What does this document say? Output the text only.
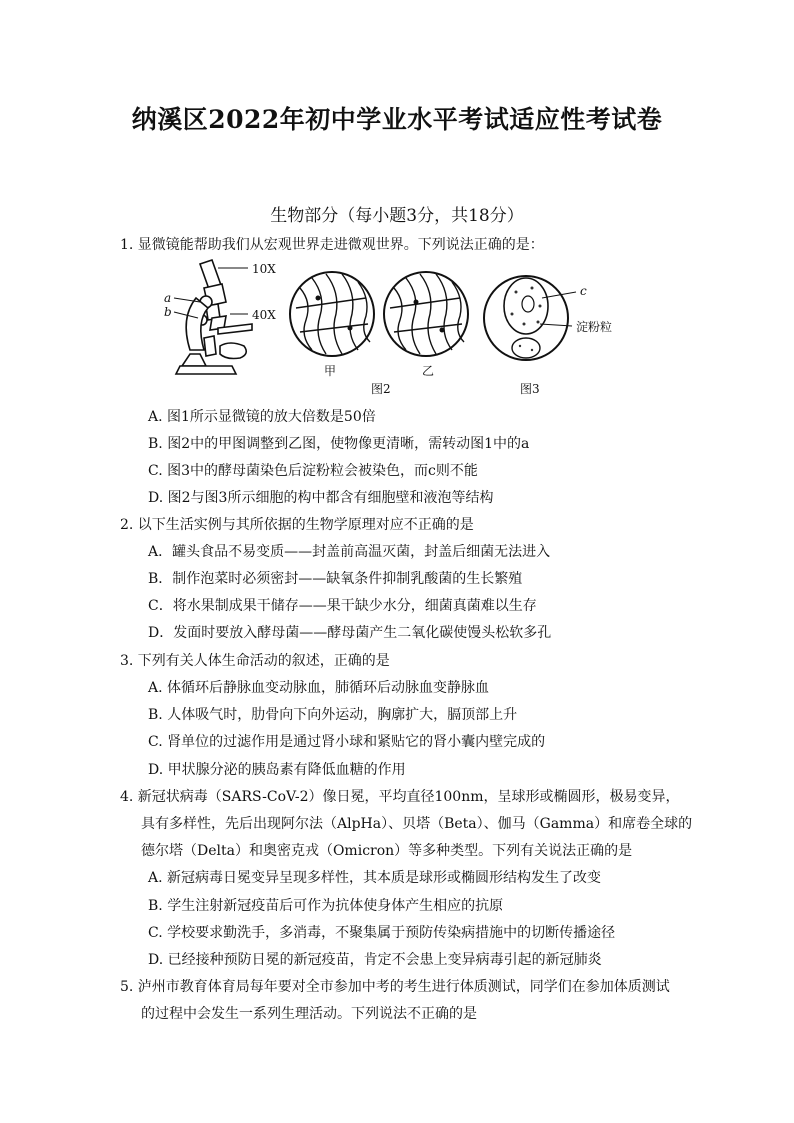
纳溪区2022年初中学业水平考试适应性考试卷
生物部分（每小题3分，共18分）
1. 显微镜能帮助我们从宏观世界走进微观世界。下列说法正确的是：
10X
40X
a
b
甲	乙
图2	图3
c
淀粉粒
A. 图1所示显微镜的放大倍数是50倍
B. 图2中的甲图调整到乙图，使物像更清晰，需转动图1中的a
C. 图3中的酵母菌染色后淀粉粒会被染色，而c则不能
D. 图2与图3所示细胞的构中都含有细胞壁和液泡等结构
2. 以下生活实例与其所依据的生物学原理对应不正确的是
A．罐头食品不易变质——封盖前高温灭菌，封盖后细菌无法进入
B．制作泡菜时必须密封——缺氧条件抑制乳酸菌的生长繁殖
C．将水果制成果干储存——果干缺少水分，细菌真菌难以生存
D．发面时要放入酵母菌——酵母菌产生二氧化碳使馒头松软多孔
3. 下列有关人体生命活动的叙述，正确的是
A. 体循环后静脉血变动脉血，肺循环后动脉血变静脉血
B. 人体吸气时，肋骨向下向外运动，胸廓扩大，膈顶部上升
C. 肾单位的过滤作用是通过肾小球和紧贴它的肾小囊内壁完成的
D. 甲状腺分泌的胰岛素有降低血糖的作用
4. 新冠状病毒（SARS-CoV-2）像日冕，平均直径100nm，呈球形或椭圆形，极易变异，
具有多样性，先后出现阿尔法（AlpHa）、贝塔（Beta）、伽马（Gamma）和席卷全球的
德尔塔（Delta）和奥密克戎（Omicron）等多种类型。下列有关说法正确的是
A. 新冠病毒日冕变异呈现多样性，其本质是球形或椭圆形结构发生了改变
B. 学生注射新冠疫苗后可作为抗体使身体产生相应的抗原
C. 学校要求勤洗手，多消毒，不聚集属于预防传染病措施中的切断传播途径
D. 已经接种预防日冕的新冠疫苗，肯定不会患上变异病毒引起的新冠肺炎
5. 泸州市教育体育局每年要对全市参加中考的考生进行体质测试，同学们在参加体质测试
的过程中会发生一系列生理活动。下列说法不正确的是
